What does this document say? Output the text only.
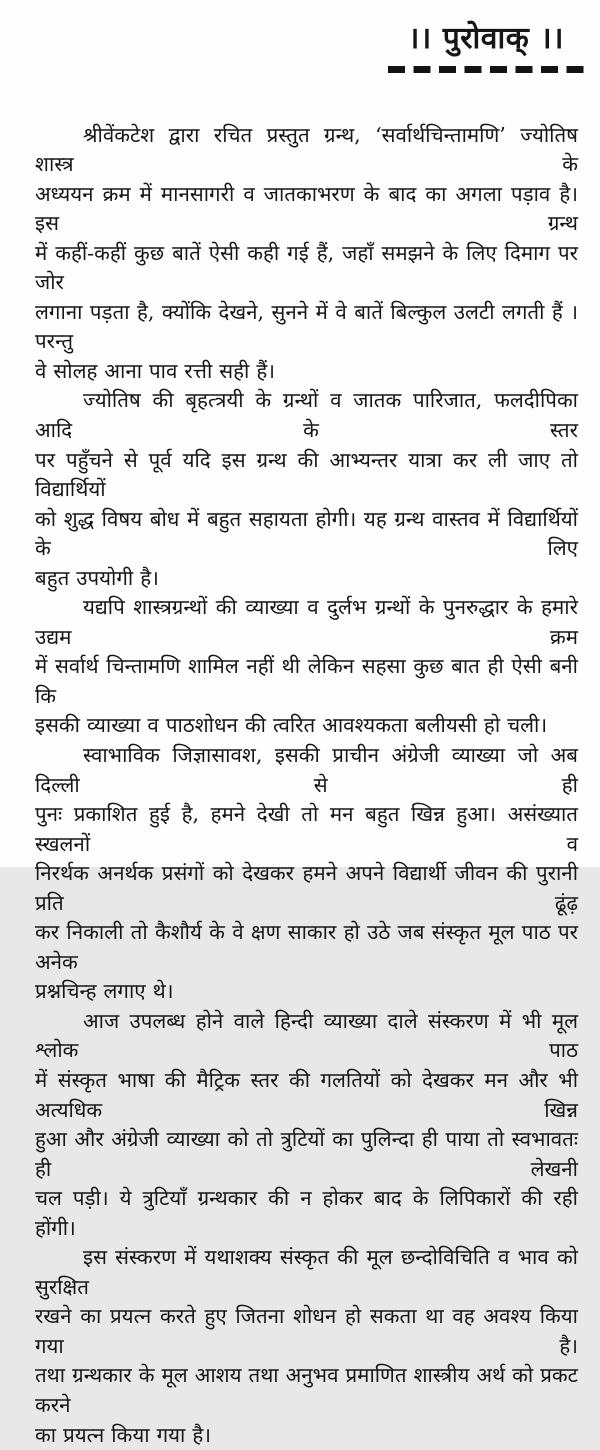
।। पुरोवाक् ।।
श्रीवेंकटेश द्वारा रचित प्रस्तुत ग्रन्थ, ‘सर्वार्थचिन्तामणि’ ज्योतिष शास्त्र के
अध्ययन क्रम में मानसागरी व जातकाभरण के बाद का अगला पड़ाव है। इस ग्रन्थ
में कहीं-कहीं कुछ बातें ऐसी कही गई हैं, जहाँ समझने के लिए दिमाग पर जोर
लगाना पड़ता है, क्योंकि देखने, सुनने में वे बातें बिल्कुल उलटी लगती हैं । परन्तु
वे सोलह आना पाव रत्ती सही हैं।
ज्योतिष की बृहत्त्रयी के ग्रन्थों व जातक पारिजात, फलदीपिका आदि के स्तर
पर पहुँचने से पूर्व यदि इस ग्रन्थ की आभ्यन्तर यात्रा कर ली जाए तो विद्यार्थियों
को शुद्ध विषय बोध में बहुत सहायता होगी। यह ग्रन्थ वास्तव में विद्यार्थियों के लिए
बहुत उपयोगी है।
यद्यपि शास्त्रग्रन्थों की व्याख्या व दुर्लभ ग्रन्थों के पुनरुद्धार के हमारे उद्यम क्रम
में सर्वार्थ चिन्तामणि शामिल नहीं थी लेकिन सहसा कुछ बात ही ऐसी बनी कि
इसकी व्याख्या व पाठशोधन की त्वरित आवश्यकता बलीयसी हो चली।
स्वाभाविक जिज्ञासावश, इसकी प्राचीन अंग्रेजी व्याख्या जो अब दिल्ली से ही
पुनः प्रकाशित हुई है, हमने देखी तो मन बहुत खिन्न हुआ। असंख्यात स्खलनों व
निरर्थक अनर्थक प्रसंगों को देखकर हमने अपने विद्यार्थी जीवन की पुरानी प्रति ढूंढ़
कर निकाली तो कैशौर्य के वे क्षण साकार हो उठे जब संस्कृत मूल पाठ पर अनेक
प्रश्नचिन्ह लगाए थे।
आज उपलब्ध होने वाले हिन्दी व्याख्या दाले संस्करण में भी मूल श्लोक पाठ
में संस्कृत भाषा की मैट्रिक स्तर की गलतियों को देखकर मन और भी अत्यधिक खिन्न
हुआ और अंग्रेजी व्याख्या को तो त्रुटियों का पुलिन्दा ही पाया तो स्वभावतः ही लेखनी
चल पड़ी। ये त्रुटियाँ ग्रन्थकार की न होकर बाद के लिपिकारों की रही होंगी।
इस संस्करण में यथाशक्य संस्कृत की मूल छन्दोविचिति व भाव को सुरक्षित
रखने का प्रयत्न करते हुए जितना शोधन हो सकता था वह अवश्य किया गया है।
तथा ग्रन्थकार के मूल आशय तथा अनुभव प्रमाणित शास्त्रीय अर्थ को प्रकट करने
का प्रयत्न किया गया है।
